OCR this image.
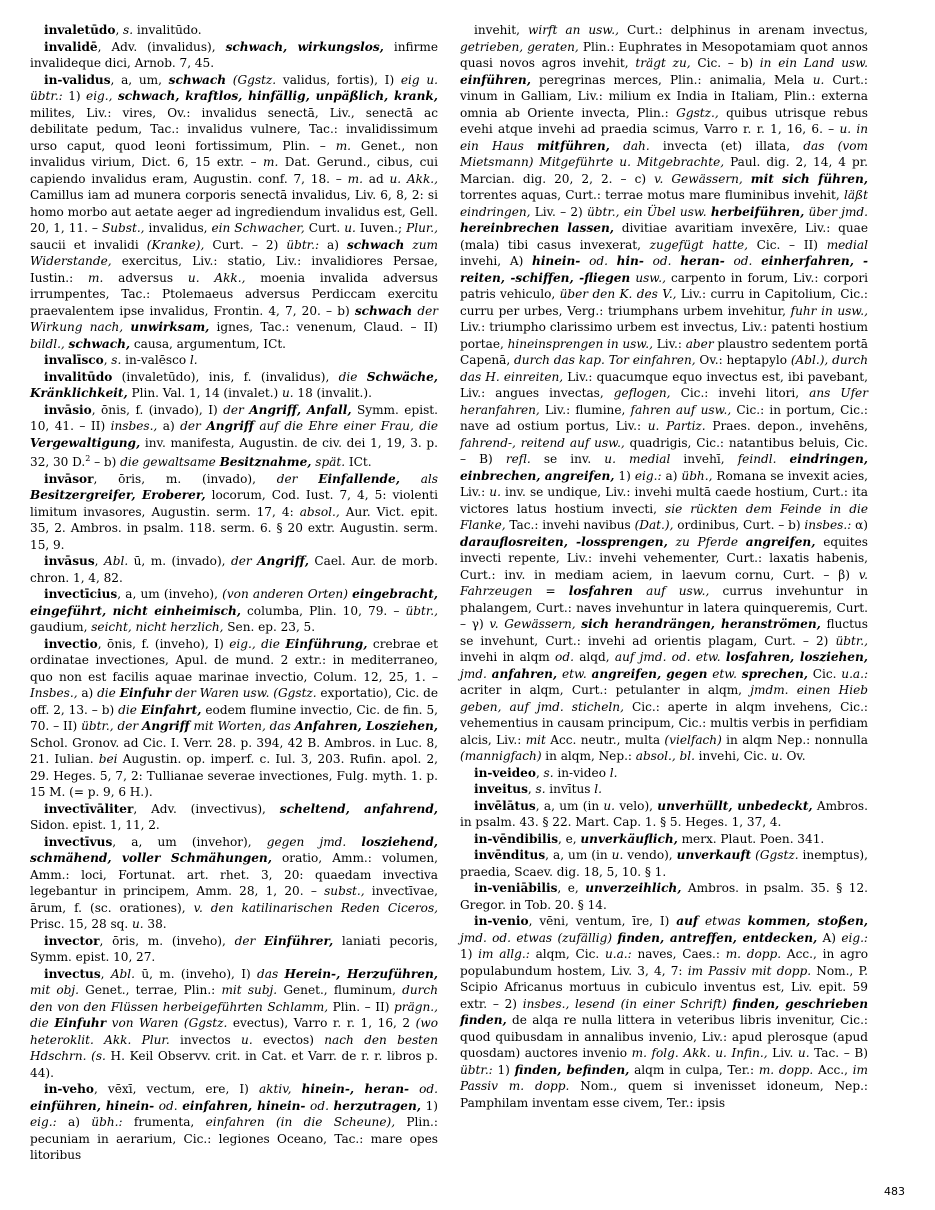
invaletūdo, s. invalitūdo.

invalidē, Adv. (invalidus), schwach, wirkungslos, infirme invalideque dici, Arnob. 7, 45.

in-validus, a, um, schwach (Ggstz. validus, fortis), I) eig u. übtr.: 1) eig., schwach, kraftlos, hinfällig, unpäßlich, krank, milites, Liv.: vires, Ov.: invalidus senectā, Liv., senectā ac debilitate pedum, Tac.: invalidus vulnere, Tac.: invalidissimum urso caput, quod leoni fortissimum, Plin. – m. Genet., non invalidus virium, Dict. 6, 15 extr. – m. Dat. Gerund., cibus, cui capiendo invalidus eram, Augustin. conf. 7, 18. – m. ad u. Akk., Camillus iam ad munera corporis senectā invalidus, Liv. 6, 8, 2: si homo morbo aut aetate aeger ad ingrediendum invalidus est, Gell. 20, 1, 11. – Subst., invalidus, ein Schwacher, Curt. u. Iuven.; Plur., saucii et invalidi (Kranke), Curt. – 2) übtr.: a) schwach zum Widerstande, exercitus, Liv.: statio, Liv.: invalidiores Persae, Iustin.: m. adversus u. Akk., moenia invalida adversus irrumpentes, Tac.: Ptolemaeus adversus Perdiccam exercitu praevalentem ipse invalidus, Frontin. 4, 7, 20. – b) schwach der Wirkung nach, unwirksam, ignes, Tac.: venenum, Claud. – II) bildl., schwach, causa, argumentum, ICt.

invalīsco, s. in-valēsco l.

invalitūdo (invaletūdo), inis, f. (invalidus), die Schwäche, Kränklichkeit, Plin. Val. 1, 14 (invalet.) u. 18 (invalit.).

invāsio, ōnis, f. (invado), I) der Angriff, Anfall, Symm. epist. 10, 41. – II) insbes., a) der Angriff auf die Ehre einer Frau, die Vergewaltigung, inv. manifesta, Augustin. de civ. dei 1, 19, 3. p. 32, 30 D.$^2$ – b) die gewaltsame Besitznahme, spät. ICt.

invāsor, ōris, m. (invado), der Einfallende, als Besitzergreifer, Eroberer, locorum, Cod. Iust. 7, 4, 5: violenti limitum invasores, Augustin. serm. 17, 4: absol., Aur. Vict. epit. 35, 2. Ambros. in psalm. 118. serm. 6. § 20 extr. Augustin. serm. 15, 9.

invāsus, Abl. ū, m. (invado), der Angriff, Cael. Aur. de morb. chron. 1, 4, 82.

invectīcius, a, um (inveho), (von anderen Orten) eingebracht, eingeführt, nicht einheimisch, columba, Plin. 10, 79. – übtr., gaudium, seicht, nicht herzlich, Sen. ep. 23, 5.

invectio, ōnis, f. (inveho), I) eig., die Einführung, crebrae et ordinatae invectiones, Apul. de mund. 2 extr.: in mediterraneo, quo non est facilis aquae marinae invectio, Colum. 12, 25, 1. – Insbes., a) die Einfuhr der Waren usw. (Ggstz. exportatio), Cic. de off. 2, 13. – b) die Einfahrt, eodem flumine invectio, Cic. de fin. 5, 70. – II) übtr., der Angriff mit Worten, das Anfahren, Losziehen, Schol. Gronov. ad Cic. I. Verr. 28. p. 394, 42 B. Ambros. in Luc. 8, 21. Iulian. bei Augustin. op. imperf. c. Iul. 3, 203. Rufin. apol. 2, 29. Heges. 5, 7, 2: Tullianae severae invectiones, Fulg. myth. 1. p. 15 M. (= p. 9, 6 H.).

invectīvāliter, Adv. (invectivus), scheltend, anfahrend, Sidon. epist. 1, 11, 2.

invectīvus, a, um (invehor), gegen jmd. losziehend, schmähend, voller Schmähungen, oratio, Amm.: volumen, Amm.: loci, Fortunat. art. rhet. 3, 20: quaedam invectiva legebantur in principem, Amm. 28, 1, 20. – subst., invectīvae, ārum, f. (sc. orationes), v. den katilinarischen Reden Ciceros, Prisc. 15, 28 sq. u. 38.

invector, ōris, m. (inveho), der Einführer, laniati pecoris, Symm. epist. 10, 27.

invectus, Abl. ū, m. (inveho), I) das Herein-, Herzuführen, mit obj. Genet., terrae, Plin.: mit subj. Genet., fluminum, durch den von den Flüssen herbeigeführten Schlamm, Plin. – II) prägn., die Einfuhr von Waren (Ggstz. evectus), Varro r. r. 1, 16, 2 (wo heteroklit. Akk. Plur. invectos u. evectos) nach den besten Hdschrn. (s. H. Keil Observv. crit. in Cat. et Varr. de r. r. libros p. 44).

in-veho, vēxī, vectum, ere, I) aktiv, hinein-, heran- od. einführen, hinein- od. einfahren, hinein- od. herzutragen, 1) eig.: a) übh.: frumenta, einfahren (in die Scheune), Plin.: pecuniam in aerarium, Cic.: legiones Oceano, Tac.: mare opes litoribus

invehit, wirft an usw., Curt.: delphinus in arenam invectus, getrieben, geraten, Plin.: Euphrates in Mesopotamiam quot annos quasi novos agros invehit, trägt zu, Cic. – b) in ein Land usw. einführen, peregrinas merces, Plin.: animalia, Mela u. Curt.: vinum in Galliam, Liv.: milium ex India in Italiam, Plin.: externa omnia ab Oriente invecta, Plin.: Ggstz., quibus utrisque rebus evehi atque invehi ad praedia scimus, Varro r. r. 1, 16, 6. – u. in ein Haus mitführen, dah. invecta (et) illata, das (vom Mietsmann) Mitgeführte u. Mitgebrachte, Paul. dig. 2, 14, 4 pr. Marcian. dig. 20, 2, 2. – c) v. Gewässern, mit sich führen, torrentes aquas, Curt.: terrae motus mare fluminibus invehit, läßt eindringen, Liv. – 2) übtr., ein Übel usw. herbeiführen, über jmd. hereinbrechen lassen, divitiae avaritiam invexēre, Liv.: quae (mala) tibi casus invexerat, zugefügt hatte, Cic. – II) medial invehi, A) hinein- od. hin- od. heran- od. einherfahren, -reiten, -schiffen, -fliegen usw., carpento in forum, Liv.: corpori patris vehiculo, über den K. des V., Liv.: curru in Capitolium, Cic.: curru per urbes, Verg.: triumphans urbem invehitur, fuhr in usw., Liv.: triumpho clarissimo urbem est invectus, Liv.: patenti hostium portae, hineinsprengen in usw., Liv.: aber plaustro sedentem portā Capenā, durch das kap. Tor einfahren, Ov.: heptapylo (Abl.), durch das H. einreiten, Liv.: quacumque equo invectus est, ibi pavebant, Liv.: angues invectas, geflogen, Cic.: invehi litori, ans Ufer heranfahren, Liv.: flumine, fahren auf usw., Cic.: in portum, Cic.: nave ad ostium portus, Liv.: u. Partiz. Praes. depon., invehēns, fahrend-, reitend auf usw., quadrigis, Cic.: natantibus beluis, Cic. – B) refl. se inv. u. medial invehī, feindl. eindringen, einbrechen, angreifen, 1) eig.: a) übh., Romana se invexit acies, Liv.: u. inv. se undique, Liv.: invehi multā caede hostium, Curt.: ita victores latus hostium invecti, sie rückten dem Feinde in die Flanke, Tac.: invehi navibus (Dat.), ordinibus, Curt. – b) insbes.: α) darauflosreiten, -lossprengen, zu Pferde angreifen, equites invecti repente, Liv.: invehi vehementer, Curt.: laxatis habenis, Curt.: inv. in mediam aciem, in laevum cornu, Curt. – β) v. Fahrzeugen = losfahren auf usw., currus invehuntur in phalangem, Curt.: naves invehuntur in latera quinqueremis, Curt. – γ) v. Gewässern, sich herandrängen, heranströmen, fluctus se invehunt, Curt.: invehi ad orientis plagam, Curt. – 2) übtr., invehi in alqm od. alqd, auf jmd. od. etw. losfahren, losziehen, jmd. anfahren, etw. angreifen, gegen etw. sprechen, Cic. u.a.: acriter in alqm, Curt.: petulanter in alqm, jmdm. einen Hieb geben, auf jmd. sticheln, Cic.: aperte in alqm invehens, Cic.: vehementius in causam principum, Cic.: multis verbis in perfidiam alcis, Liv.: mit Acc. neutr., multa (vielfach) in alqm Nep.: nonnulla (mannigfach) in alqm, Nep.: absol., bl. invehi, Cic. u. Ov.

in-veideo, s. in-video l.

inveitus, s. invītus l.

invēlātus, a, um (in u. velo), unverhüllt, unbedeckt, Ambros. in psalm. 43. § 22. Mart. Cap. 1. § 5. Heges. 1, 37, 4.

in-vēndibilis, e, unverkäuflich, merx. Plaut. Poen. 341.

invēnditus, a, um (in u. vendo), unverkauft (Ggstz. inemptus), praedia, Scaev. dig. 18, 5, 10. § 1.

in-veniābilis, e, unverzeihlich, Ambros. in psalm. 35. § 12. Gregor. in Tob. 20. § 14.

in-venio, vēni, ventum, īre, I) auf etwas kommen, stoßen, jmd. od. etwas (zufällig) finden, antreffen, entdecken, A) eig.: 1) im allg.: alqm, Cic. u.a.: naves, Caes.: m. dopp. Acc., in agro populabundum hostem, Liv. 3, 4, 7: im Passiv mit dopp. Nom., P. Scipio Africanus mortuus in cubiculo inventus est, Liv. epit. 59 extr. – 2) insbes., lesend (in einer Schrift) finden, geschrieben finden, de alqa re nulla littera in veteribus libris invenitur, Cic.: quod quibusdam in annalibus invenio, Liv.: apud plerosque (apud quosdam) auctores invenio m. folg. Akk. u. Infin., Liv. u. Tac. – B) übtr.: 1) finden, befinden, alqm in culpa, Ter.: m. dopp. Acc., im Passiv m. dopp. Nom., quem si invenisset idoneum, Nep.: Pamphilam inventam esse civem, Ter.: ipsis

483
